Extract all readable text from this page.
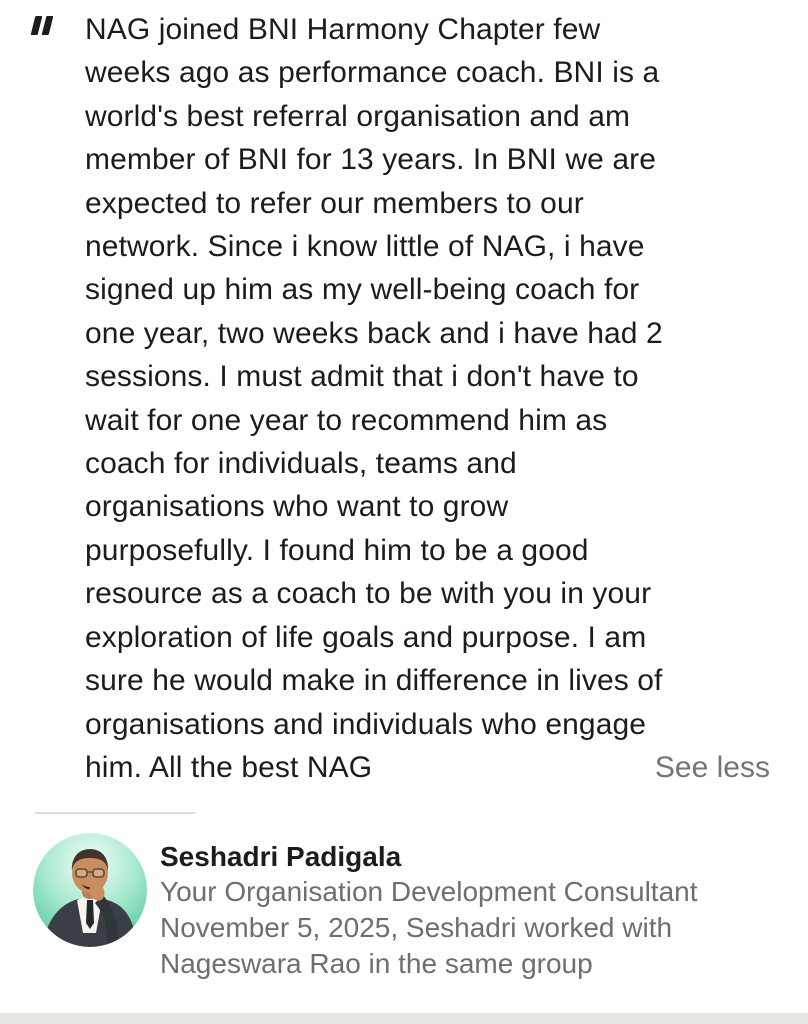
NAG joined BNI Harmony Chapter few
weeks ago as performance coach. BNI is a
world's best referral organisation and am
member of BNI for 13 years. In BNI we are
expected to refer our members to our
network. Since i know little of NAG, i have
signed up him as my well-being coach for
one year, two weeks back and i have had 2
sessions. I must admit that i don't have to
wait for one year to recommend him as
coach for individuals, teams and
organisations who want to grow
purposefully. I found him to be a good
resource as a coach to be with you in your
exploration of life goals and purpose. I am
sure he would make in difference in lives of
organisations and individuals who engage
him. All the best NAG	See less
Seshadri Padigala
Your Organisation Development Consultant
November 5, 2025, Seshadri worked with
Nageswara Rao in the same group
